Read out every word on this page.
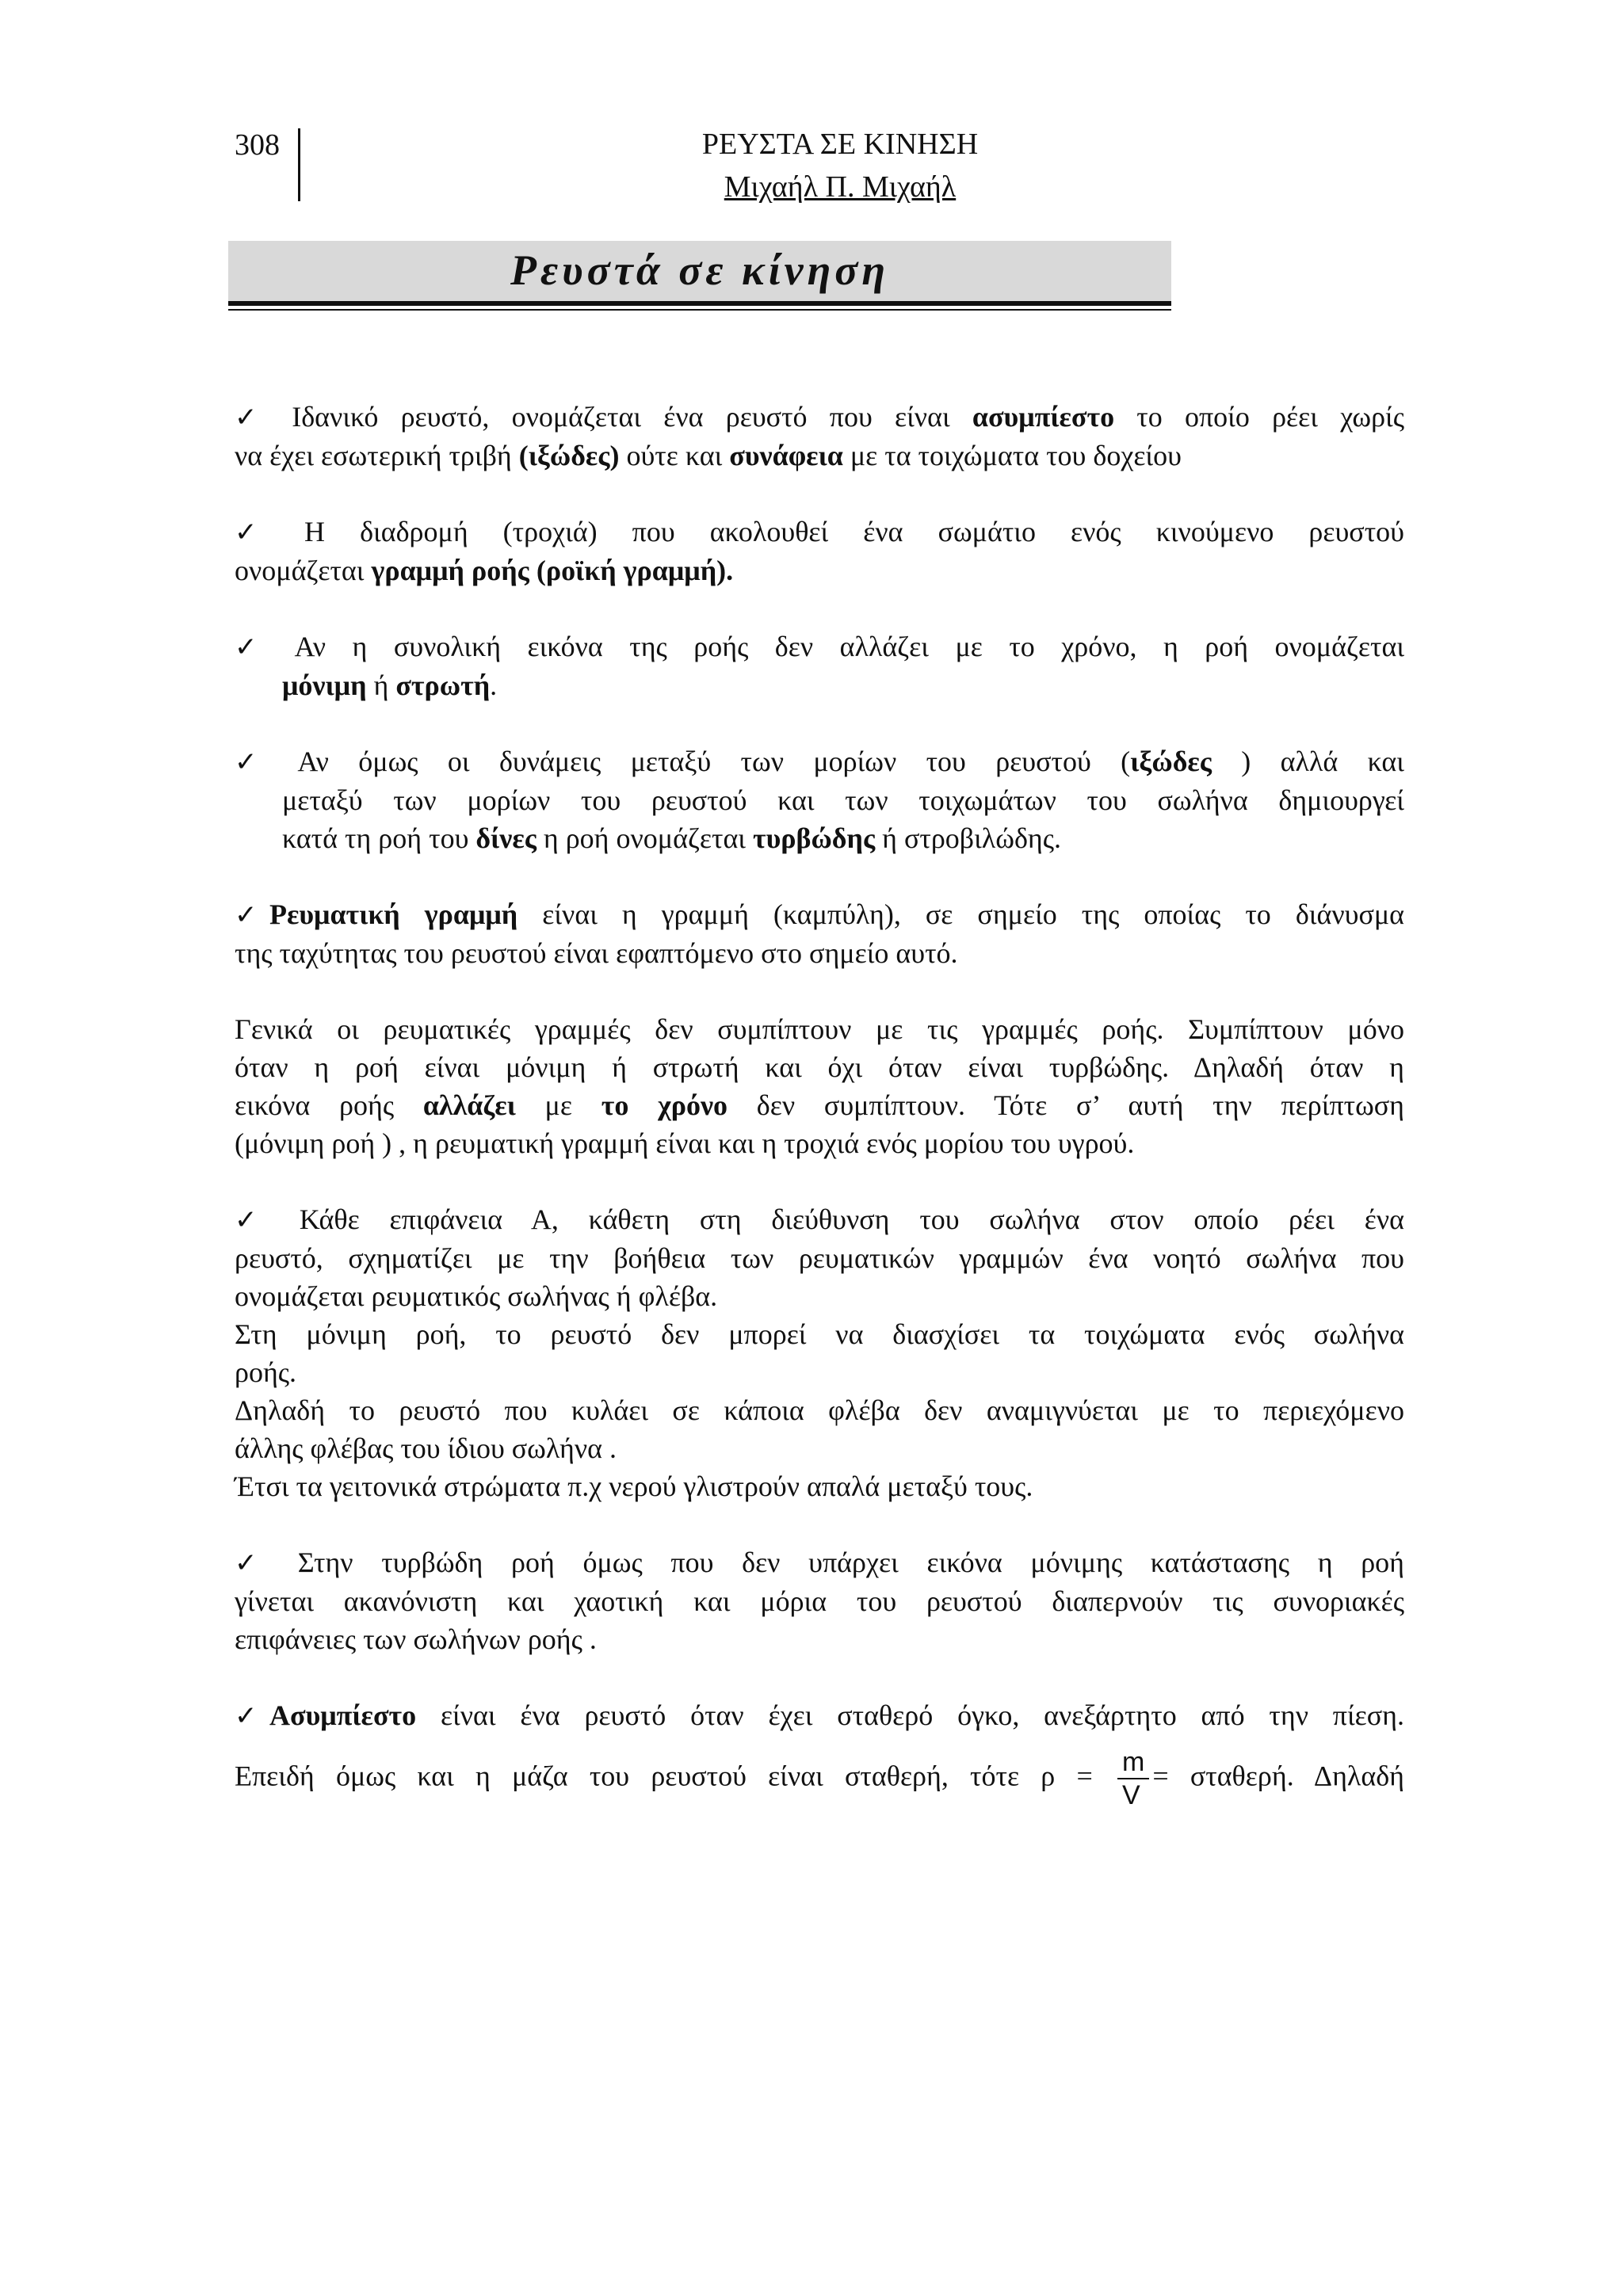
308	ΡΕΥΣΤΑ ΣΕ ΚΙΝΗΣΗ
Μιχαήλ Π. Μιχαήλ
Ρευστά σε κίνηση
✓ Ιδανικό ρευστό, ονομάζεται ένα ρευστό που είναι ασυμπίεστο το οποίο ρέει χωρίς
να έχει εσωτερική τριβή (ιξώδες) ούτε και συνάφεια με τα τοιχώματα του δοχείου
✓ Η διαδρομή (τροχιά) που ακολουθεί ένα σωμάτιο ενός κινούμενο ρευστού
ονομάζεται γραμμή ροής (ροϊκή γραμμή).
✓ Αν η συνολική εικόνα της ροής δεν αλλάζει με το χρόνο, η ροή ονομάζεται
μόνιμη ή στρωτή.
✓ Αν όμως οι δυνάμεις μεταξύ των μορίων του ρευστού (ιξώδες ) αλλά και
μεταξύ των μορίων του ρευστού και των τοιχωμάτων του σωλήνα δημιουργεί
κατά τη ροή του δίνες η ροή ονομάζεται τυρβώδης ή στροβιλώδης.
✓ Ρευματική γραμμή είναι η γραμμή (καμπύλη), σε σημείο της οποίας το διάνυσμα
της ταχύτητας του ρευστού είναι εφαπτόμενο στο σημείο αυτό.
Γενικά οι ρευματικές γραμμές δεν συμπίπτουν με τις γραμμές ροής. Συμπίπτουν μόνο
όταν η ροή είναι μόνιμη ή στρωτή και όχι όταν είναι τυρβώδης. Δηλαδή όταν η
εικόνα ροής αλλάζει με το χρόνο δεν συμπίπτουν. Τότε σ’ αυτή την περίπτωση
(μόνιμη ροή ) , η ρευματική γραμμή είναι και η τροχιά ενός μορίου του υγρού.
✓ Κάθε επιφάνεια Α, κάθετη στη διεύθυνση του σωλήνα στον οποίο ρέει ένα
ρευστό, σχηματίζει με την βοήθεια των ρευματικών γραμμών ένα νοητό σωλήνα που
ονομάζεται ρευματικός σωλήνας ή φλέβα.
Στη μόνιμη ροή, το ρευστό δεν μπορεί να διασχίσει τα τοιχώματα ενός σωλήνα
ροής.
Δηλαδή το ρευστό που κυλάει σε κάποια φλέβα δεν αναμιγνύεται με το περιεχόμενο
άλλης φλέβας του ίδιου σωλήνα .
Έτσι τα γειτονικά στρώματα π.χ νερού γλιστρούν απαλά μεταξύ τους.
✓ Στην τυρβώδη ροή όμως που δεν υπάρχει εικόνα μόνιμης κατάστασης η ροή
γίνεται ακανόνιστη και χαοτική και μόρια του ρευστού διαπερνούν τις συνοριακές
επιφάνειες των σωλήνων ροής .
✓ Ασυμπίεστο είναι ένα ρευστό όταν έχει σταθερό όγκο, ανεξάρτητο από την πίεση.
Επειδή όμως και η μάζα του ρευστού είναι σταθερή, τότε $\rho = \frac{m}{V} = \sigma\tau\alpha\theta\varepsilon\rho ή$. Δηλαδή
